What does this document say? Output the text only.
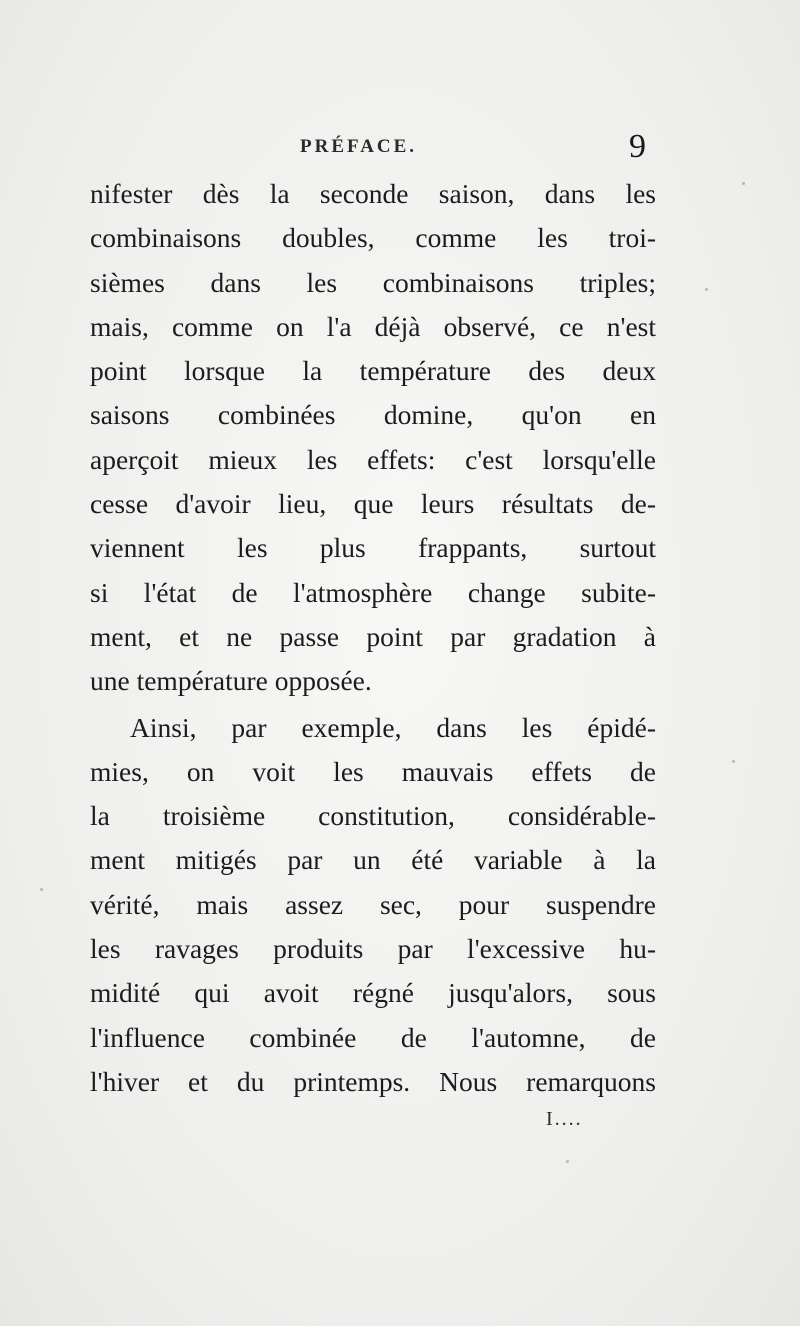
PRÉFACE.	9
nifester dès la seconde saison, dans les
combinaisons doubles, comme les troi-
sièmes dans les combinaisons triples;
mais, comme on l'a déjà observé, ce n'est
point lorsque la température des deux
saisons combinées domine, qu'on en
aperçoit mieux les effets: c'est lorsqu'elle
cesse d'avoir lieu, que leurs résultats de-
viennent les plus frappants, surtout
si l'état de l'atmosphère change subite-
ment, et ne passe point par gradation à
une température opposée.
Ainsi, par exemple, dans les épidé-
mies, on voit les mauvais effets de
la troisième constitution, considérable-
ment mitigés par un été variable à la
vérité, mais assez sec, pour suspendre
les ravages produits par l'excessive hu-
midité qui avoit régné jusqu'alors, sous
l'influence combinée de l'automne, de
l'hiver et du printemps. Nous remarquons
I....
